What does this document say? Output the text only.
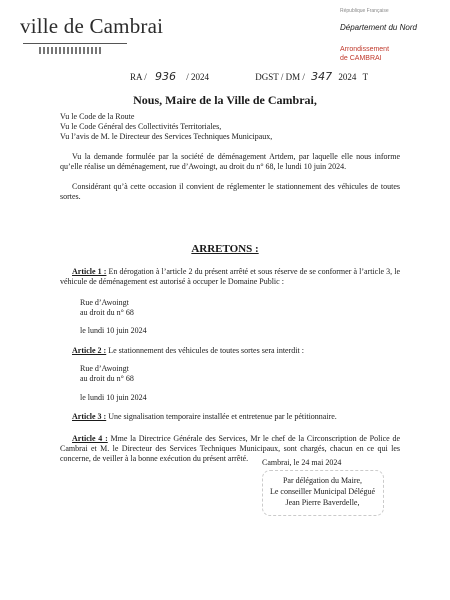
ville de Cambrai
République Française
Département du Nord
Arrondissement
de CAMBRAI
RA / 936 / 2024	DGST / DM / 347 2024 T
Nous, Maire de la Ville de Cambrai,
Vu le Code de la Route
Vu le Code Général des Collectivités Territoriales,
Vu l’avis de M. le Directeur des Services Techniques Municipaux,
Vu la demande formulée par la société de déménagement Artdem, par laquelle elle nous informe qu’elle réalise un déménagement, rue d’Awoingt, au droit du n° 68, le lundi 10 juin 2024.
Considérant qu’à cette occasion il convient de réglementer le stationnement des véhicules de toutes sortes.
ARRETONS :
Article 1 : En dérogation à l’article 2 du présent arrêté et sous réserve de se conformer à l’article 3, le véhicule de déménagement est autorisé à occuper le Domaine Public :
Rue d’Awoingt
au droit du n° 68
le lundi 10 juin 2024
Article 2 : Le stationnement des véhicules de toutes sortes sera interdit :
Rue d’Awoingt
au droit du n° 68
le lundi 10 juin 2024
Article 3 : Une signalisation temporaire installée et entretenue par le pétitionnaire.
Article 4 : Mme la Directrice Générale des Services, Mr le chef de la Circonscription de Police de Cambrai et M. le Directeur des Services Techniques Municipaux, sont chargés, chacun en ce qui les concerne, de veiller à la bonne exécution du présent arrêté.	Cambrai, le 24 mai 2024
Par délégation du Maire,
Le conseiller Municipal Délégué
Jean Pierre Baverdelle,
